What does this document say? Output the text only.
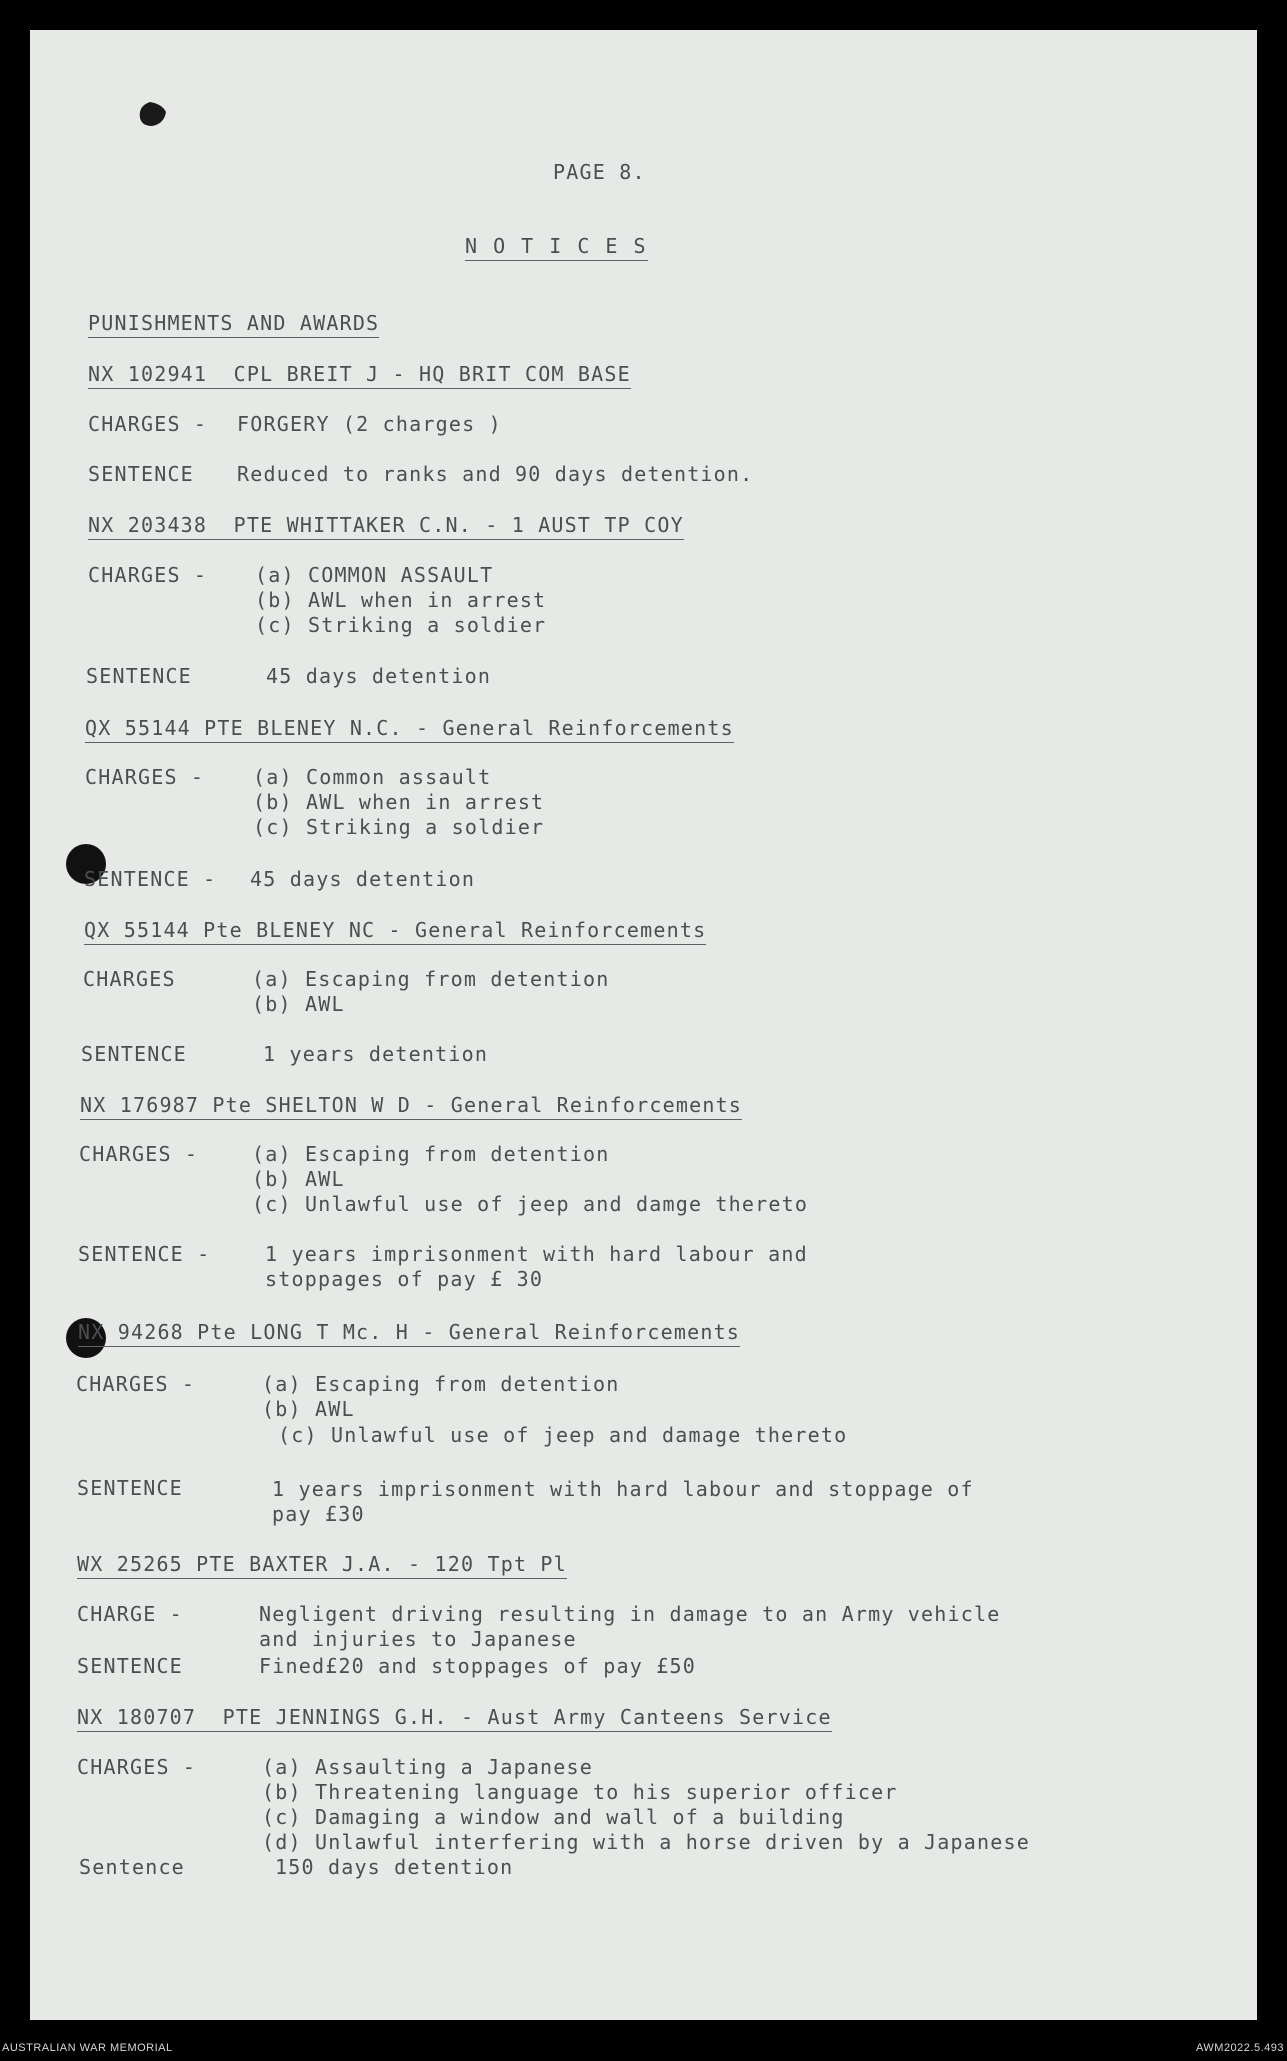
PAGE 8.
N O T I C E S
PUNISHMENTS AND AWARDS
NX 102941  CPL BREIT J - HQ BRIT COM BASE
CHARGES - FORGERY (2 charges )
SENTENCE Reduced to ranks and 90 days detention.
NX 203438  PTE WHITTAKER C.N. - 1 AUST TP COY
CHARGES - (a) COMMON ASSAULT
(b) AWL when in arrest
(c) Striking a soldier
SENTENCE	45 days detention
QX 55144 PTE BLENEY N.C. - General Reinforcements
CHARGES - (a) Common assault
(b) AWL when in arrest
(c) Striking a soldier
SENTENCE - 45 days detention
QX 55144 Pte BLENEY NC - General Reinforcements
CHARGES	(a) Escaping from detention
(b) AWL
SENTENCE	1 years detention
NX 176987 Pte SHELTON W D - General Reinforcements
CHARGES -	(a) Escaping from detention
(b) AWL
(c) Unlawful use of jeep and damge thereto
SENTENCE -	1 years imprisonment with hard labour and
stoppages of pay £ 30
NX 94268 Pte LONG T Mc. H - General Reinforcements
CHARGES -	(a) Escaping from detention
(b) AWL
(c) Unlawful use of jeep and damage thereto
SENTENCE	1 years imprisonment with hard labour and stoppage of
pay £30
WX 25265 PTE BAXTER J.A. - 120 Tpt Pl
CHARGE -	Negligent driving resulting in damage to an Army vehicle
and injuries to Japanese
SENTENCE	Fined£20 and stoppages of pay £50
NX 180707  PTE JENNINGS G.H. - Aust Army Canteens Service
CHARGES -	(a) Assaulting a Japanese
(b) Threatening language to his superior officer
(c) Damaging a window and wall of a building
(d) Unlawful interfering with a horse driven by a Japanese
Sentence	150 days detention
AUSTRALIAN WAR MEMORIAL	AWM2022.5.493
